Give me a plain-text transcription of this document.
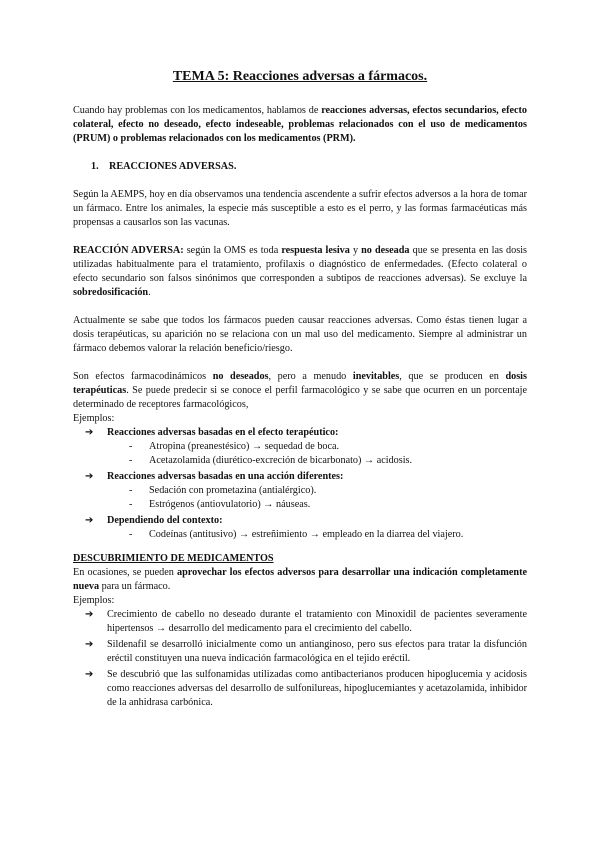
TEMA 5: Reacciones adversas a fármacos.

Cuando hay problemas con los medicamentos, hablamos de reacciones adversas, efectos secundarios, efecto colateral, efecto no deseado, efecto indeseable, problemas relacionados con el uso de medicamentos (PRUM) o problemas relacionados con los medicamentos (PRM).

1. REACCIONES ADVERSAS.

Según la AEMPS, hoy en día observamos una tendencia ascendente a sufrir efectos adversos a la hora de tomar un fármaco. Entre los animales, la especie más susceptible a esto es el perro, y las formas farmacéuticas más propensas a causarlos son las vacunas.

REACCIÓN ADVERSA: según la OMS es toda respuesta lesiva y no deseada que se presenta en las dosis utilizadas habitualmente para el tratamiento, profilaxis o diagnóstico de enfermedades. (Efecto colateral o efecto secundario son falsos sinónimos que corresponden a subtipos de reacciones adversas). Se excluye la sobredosificación.

Actualmente se sabe que todos los fármacos pueden causar reacciones adversas. Como éstas tienen lugar a dosis terapéuticas, su aparición no se relaciona con un mal uso del medicamento. Siempre al administrar un fármaco debemos valorar la relación beneficio/riesgo.

Son efectos farmacodinámicos no deseados, pero a menudo inevitables, que se producen en dosis terapéuticas. Se puede predecir si se conoce el perfil farmacológico y se sabe que ocurren en un porcentaje determinado de receptores farmacológicos,

Ejemplos:
➔ Reacciones adversas basadas en el efecto terapéutico:
- Atropina (preanestésico) → sequedad de boca.
- Acetazolamida (diurético-excreción de bicarbonato) → acidosis.
➔ Reacciones adversas basadas en una acción diferentes:
- Sedación con prometazina (antialérgico).
- Estrógenos (antiovulatorio) → náuseas.
➔ Dependiendo del contexto:
- Codeínas (antitusivo) → estreñimiento → empleado en la diarrea del viajero.
DESCUBRIMIENTO DE MEDICAMENTOS

En ocasiones, se pueden aprovechar los efectos adversos para desarrollar una indicación completamente nueva para un fármaco.

Ejemplos:
➔ Crecimiento de cabello no deseado durante el tratamiento con Minoxidil de pacientes severamente hipertensos → desarrollo del medicamento para el crecimiento del cabello.
➔ Sildenafil se desarrolló inicialmente como un antianginoso, pero sus efectos para tratar la disfunción eréctil constituyen una nueva indicación farmacológica en el tejido eréctil.
➔ Se descubrió que las sulfonamidas utilizadas como antibacterianos producen hipoglucemia y acidosis como reacciones adversas del desarrollo de sulfonilureas, hipoglucemiantes y acetazolamida, inhibidor de la anhidrasa carbónica.
